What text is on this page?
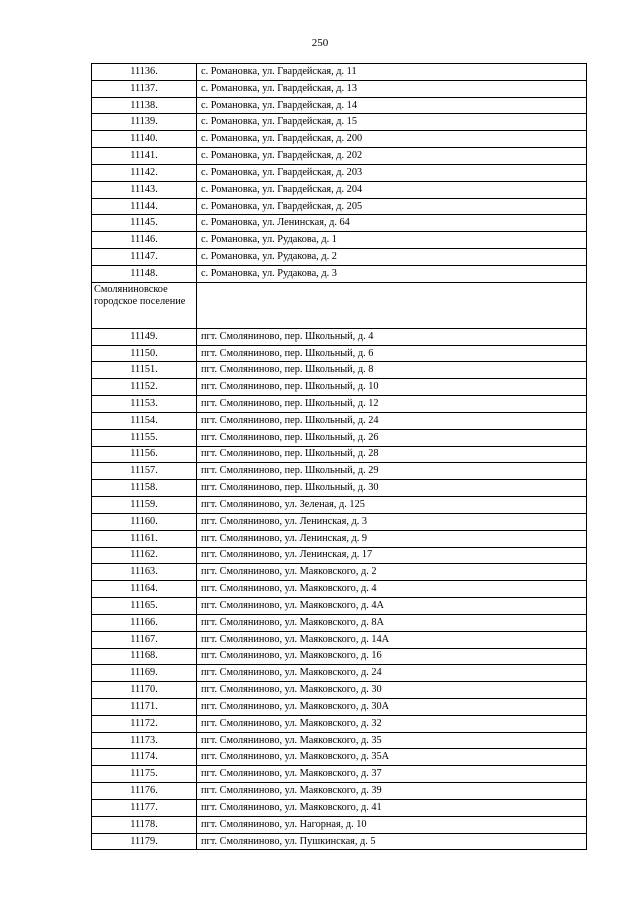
250
11136.	с. Романовка, ул. Гвардейская, д. 11
11137.	с. Романовка, ул. Гвардейская, д. 13
11138.	с. Романовка, ул. Гвардейская, д. 14
11139.	с. Романовка, ул. Гвардейская, д. 15
11140.	с. Романовка, ул. Гвардейская, д. 200
11141.	с. Романовка, ул. Гвардейская, д. 202
11142.	с. Романовка, ул. Гвардейская, д. 203
11143.	с. Романовка, ул. Гвардейская, д. 204
11144.	с. Романовка, ул. Гвардейская, д. 205
11145.	с. Романовка, ул. Ленинская, д. 64
11146.	с. Романовка, ул. Рудакова, д. 1
11147.	с. Романовка, ул. Рудакова, д. 2
11148.	с. Романовка, ул. Рудакова, д. 3
Смоляниновское городское поселение	
11149.	пгт. Смоляниново, пер. Школьный, д. 4
11150.	пгт. Смоляниново, пер. Школьный, д. 6
11151.	пгт. Смоляниново, пер. Школьный, д. 8
11152.	пгт. Смоляниново, пер. Школьный, д. 10
11153.	пгт. Смоляниново, пер. Школьный, д. 12
11154.	пгт. Смоляниново, пер. Школьный, д. 24
11155.	пгт. Смоляниново, пер. Школьный, д. 26
11156.	пгт. Смоляниново, пер. Школьный, д. 28
11157.	пгт. Смоляниново, пер. Школьный, д. 29
11158.	пгт. Смоляниново, пер. Школьный, д. 30
11159.	пгт. Смоляниново, ул. Зеленая, д. 125
11160.	пгт. Смоляниново, ул. Ленинская, д. 3
11161.	пгт. Смоляниново, ул. Ленинская, д. 9
11162.	пгт. Смоляниново, ул. Ленинская, д. 17
11163.	пгт. Смоляниново, ул. Маяковского, д. 2
11164.	пгт. Смоляниново, ул. Маяковского, д. 4
11165.	пгт. Смоляниново, ул. Маяковского, д. 4А
11166.	пгт. Смоляниново, ул. Маяковского, д. 8А
11167.	пгт. Смоляниново, ул. Маяковского, д. 14А
11168.	пгт. Смоляниново, ул. Маяковского, д. 16
11169.	пгт. Смоляниново, ул. Маяковского, д. 24
11170.	пгт. Смоляниново, ул. Маяковского, д. 30
11171.	пгт. Смоляниново, ул. Маяковского, д. 30А
11172.	пгт. Смоляниново, ул. Маяковского, д. 32
11173.	пгт. Смоляниново, ул. Маяковского, д. 35
11174.	пгт. Смоляниново, ул. Маяковского, д. 35А
11175.	пгт. Смоляниново, ул. Маяковского, д. 37
11176.	пгт. Смоляниново, ул. Маяковского, д. 39
11177.	пгт. Смоляниново, ул. Маяковского, д. 41
11178.	пгт. Смоляниново, ул. Нагорная, д. 10
11179.	пгт. Смоляниново, ул. Пушкинская, д. 5
